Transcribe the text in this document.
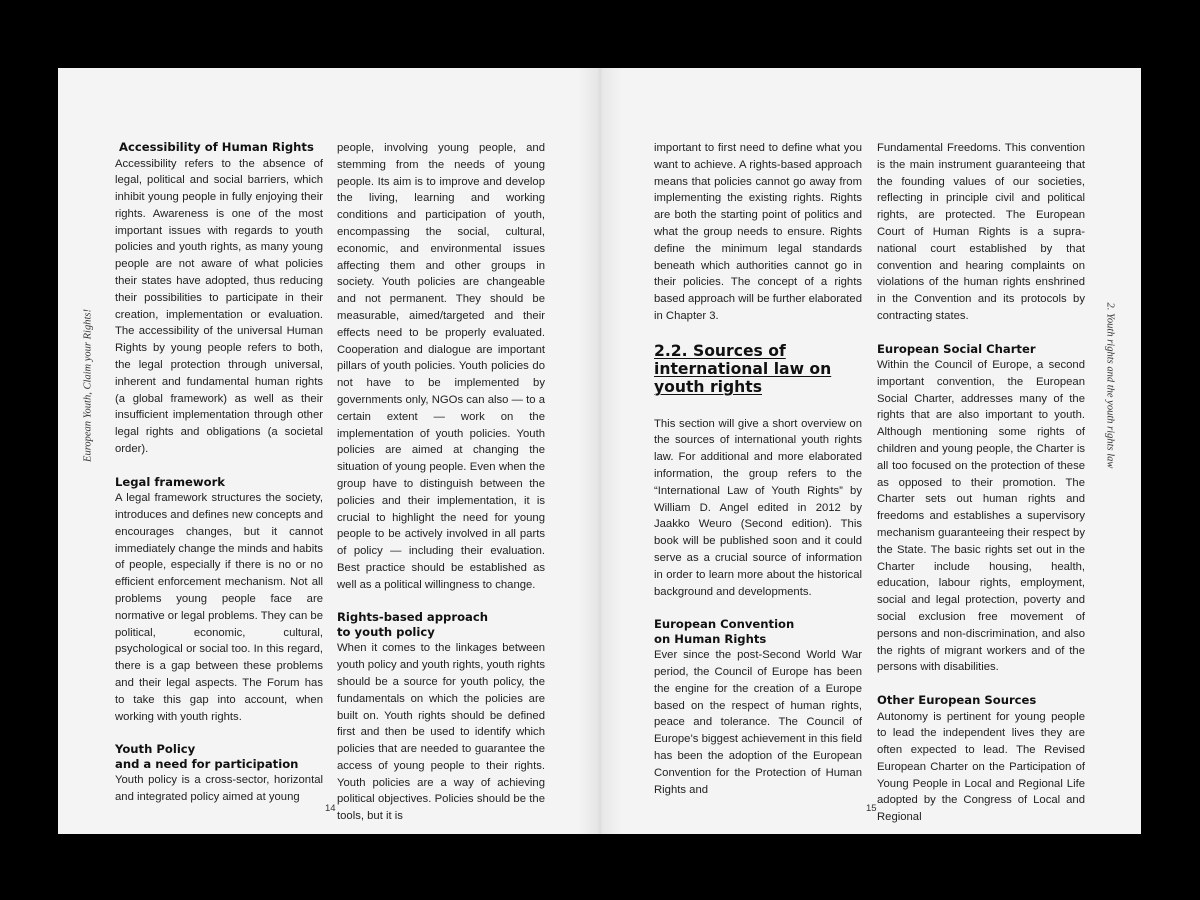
European Youth, Claim your Rights!
Accessibility of Human Rights

Accessibility refers to the absence of legal, political and social barriers, which inhibit young people in fully enjoying their rights. Awareness is one of the most important issues with regards to youth policies and youth rights, as many young people are not aware of what policies their states have adopted, thus reducing their possibilities to participate in their creation, implementation or evaluation. The accessibility of the universal Human Rights by young people refers to both, the legal protection through universal, inherent and fundamental human rights (a global framework) as well as their insufficient implementation through other legal rights and obligations (a societal order).

Legal framework

A legal framework structures the society, introduces and defines new concepts and encourages changes, but it cannot immediately change the minds and habits of people, especially if there is no or no efficient enforcement mechanism. Not all problems young people face are normative or legal problems. They can be political, economic, cultural, psychological or social too. In this regard, there is a gap between these problems and their legal aspects. The Forum has to take this gap into account, when working with youth rights.

Youth Policy
and a need for participation

Youth policy is a cross-sector, horizontal and integrated policy aimed at young

people, involving young people, and stemming from the needs of young people. Its aim is to improve and develop the living, learning and working conditions and participation of youth, encompassing the social, cultural, economic, and environmental issues affecting them and other groups in society. Youth policies are changeable and not permanent. They should be measurable, aimed/targeted and their effects need to be properly evaluated. Cooperation and dialogue are important pillars of youth policies. Youth policies do not have to be implemented by governments only, NGOs can also — to a certain extent — work on the implementation of youth policies. Youth policies are aimed at changing the situation of young people. Even when the group have to distinguish between the policies and their implementation, it is crucial to highlight the need for young people to be actively involved in all parts of policy — including their evaluation. Best practice should be established as well as a political willingness to change.

Rights-based approach
to youth policy

When it comes to the linkages between youth policy and youth rights, youth rights should be a source for youth policy, the fundamentals on which the policies are built on. Youth rights should be defined first and then be used to identify which policies that are needed to guarantee the access of young people to their rights. Youth policies are a way of achieving political objectives. Policies should be the tools, but it is

14
2. Youth rights and the youth rights law

important to first need to define what you want to achieve. A rights-based approach means that policies cannot go away from implementing the existing rights. Rights are both the starting point of politics and what the group needs to ensure. Rights define the minimum legal standards beneath which authorities cannot go in their policies. The concept of a rights based approach will be further elaborated in Chapter 3.

2.2. Sources of
international law on
youth rights

This section will give a short overview on the sources of international youth rights law. For additional and more elaborated information, the group refers to the “International Law of Youth Rights” by William D. Angel edited in 2012 by Jaakko Weuro (Second edition). This book will be published soon and it could serve as a crucial source of information in order to learn more about the historical background and developments.

European Convention
on Human Rights

Ever since the post-Second World War period, the Council of Europe has been the engine for the creation of a Europe based on the respect of human rights, peace and tolerance. The Council of Europe’s biggest achievement in this field has been the adoption of the European Convention for the Protection of Human Rights and

Fundamental Freedoms. This convention is the main instrument guaranteeing that the founding values of our societies, reflecting in principle civil and political rights, are protected. The European Court of Human Rights is a supra-national court established by that convention and hearing complaints on violations of the human rights enshrined in the Convention and its protocols by contracting states.

European Social Charter

Within the Council of Europe, a second important convention, the European Social Charter, addresses many of the rights that are also important to youth. Although mentioning some rights of children and young people, the Charter is all too focused on the protection of these as opposed to their promotion. The Charter sets out human rights and freedoms and establishes a supervisory mechanism guaranteeing their respect by the State. The basic rights set out in the Charter include housing, health, education, labour rights, employment, social and legal protection, poverty and social exclusion free movement of persons and non-discrimination, and also the rights of migrant workers and of the persons with disabilities.

Other European Sources

Autonomy is pertinent for young people to lead the independent lives they are often expected to lead. The Revised European Charter on the Participation of Young People in Local and Regional Life adopted by the Congress of Local and Regional

15
